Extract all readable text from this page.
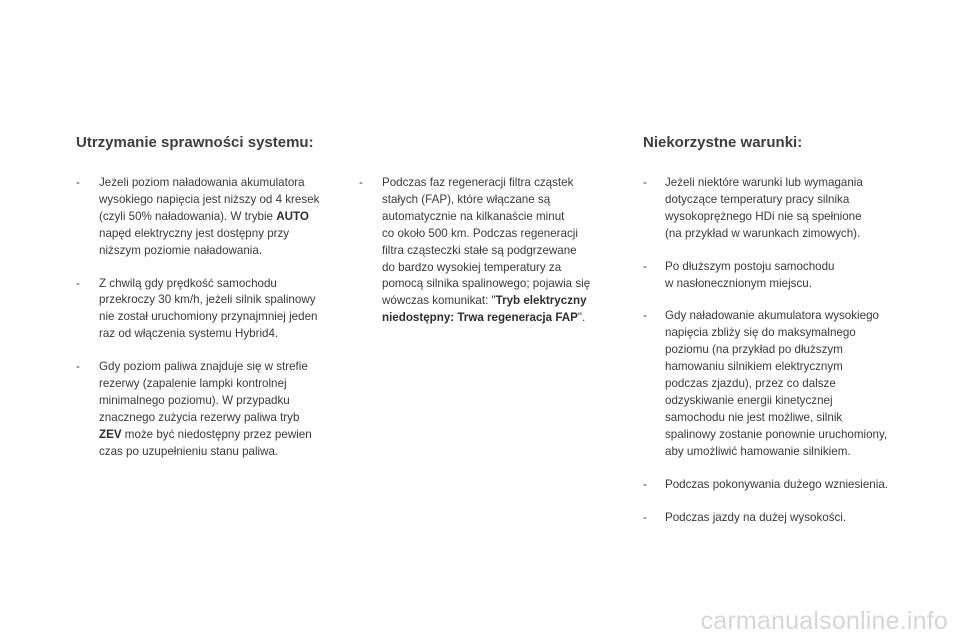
Utrzymanie sprawności systemu:
- Jeżeli poziom naładowania akumulatora
wysokiego napięcia jest niższy od 4 kresek
(czyli 50% naładowania). W trybie AUTO
napęd elektryczny jest dostępny przy
niższym poziomie naładowania.
- Z chwilą gdy prędkość samochodu
przekroczy 30 km/h, jeżeli silnik spalinowy
nie został uruchomiony przynajmniej jeden
raz od włączenia systemu Hybrid4.
- Gdy poziom paliwa znajduje się w strefie
rezerwy (zapalenie lampki kontrolnej
minimalnego poziomu). W przypadku
znacznego zużycia rezerwy paliwa tryb
ZEV może być niedostępny przez pewien
czas po uzupełnieniu stanu paliwa.
- Podczas faz regeneracji filtra cząstek
stałych (FAP), które włączane są
automatycznie na kilkanaście minut
co około 500 km. Podczas regeneracji
filtra cząsteczki stałe są podgrzewane
do bardzo wysokiej temperatury za
pomocą silnika spalinowego; pojawia się
wówczas komunikat: "Tryb elektryczny
niedostępny: Trwa regeneracja FAP".
Niekorzystne warunki:
- Jeżeli niektóre warunki lub wymagania
dotyczące temperatury pracy silnika
wysokoprężnego HDi nie są spełnione
(na przykład w warunkach zimowych).
- Po dłuższym postoju samochodu
w nasłonecznionym miejscu.
- Gdy naładowanie akumulatora wysokiego
napięcia zbliży się do maksymalnego
poziomu (na przykład po dłuższym
hamowaniu silnikiem elektrycznym
podczas zjazdu), przez co dalsze
odzyskiwanie energii kinetycznej
samochodu nie jest możliwe, silnik
spalinowy zostanie ponownie uruchomiony,
aby umożliwić hamowanie silnikiem.
- Podczas pokonywania dużego wzniesienia.
- Podczas jazdy na dużej wysokości.
carmanualsonline.info
